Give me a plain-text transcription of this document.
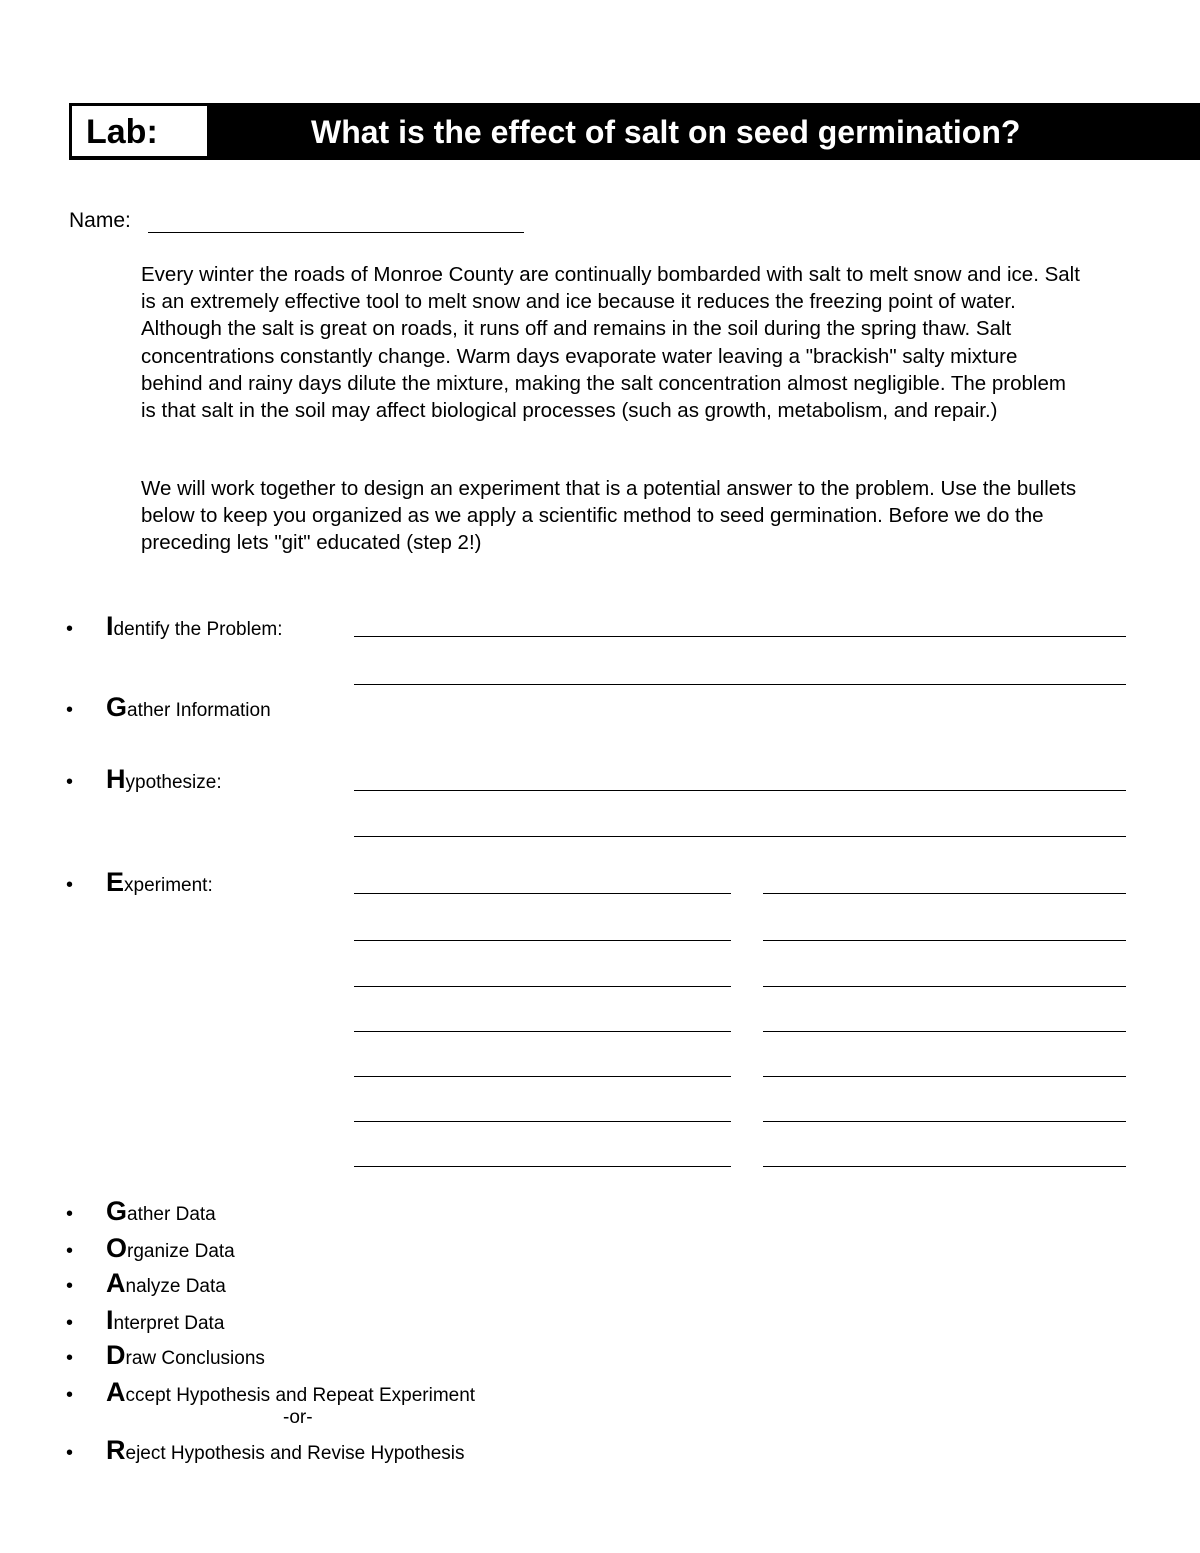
Lab:	What is the effect of salt on seed germination?
Name:

Every winter the roads of Monroe County are continually bombarded with salt to melt snow and ice. Salt is an extremely effective tool to melt snow and ice because it reduces the freezing point of water. Although the salt is great on roads, it runs off and remains in the soil during the spring thaw. Salt concentrations constantly change. Warm days evaporate water leaving a "brackish" salty mixture behind and rainy days dilute the mixture, making the salt concentration almost negligible. The problem is that salt in the soil may affect biological processes (such as growth, metabolism, and repair.)

We will work together to design an experiment that is a potential answer to the problem. Use the bullets below to keep you organized as we apply a scientific method to seed germination. Before we do the preceding lets "git" educated (step 2!)

• Identify the Problem:
• Gather Information
• Hypothesize:
• Experiment:
• Gather Data
• Organize Data
• Analyze Data
• Interpret Data
• Draw Conclusions
• Accept Hypothesis and Repeat Experiment
-or-
• Reject Hypothesis and Revise Hypothesis
